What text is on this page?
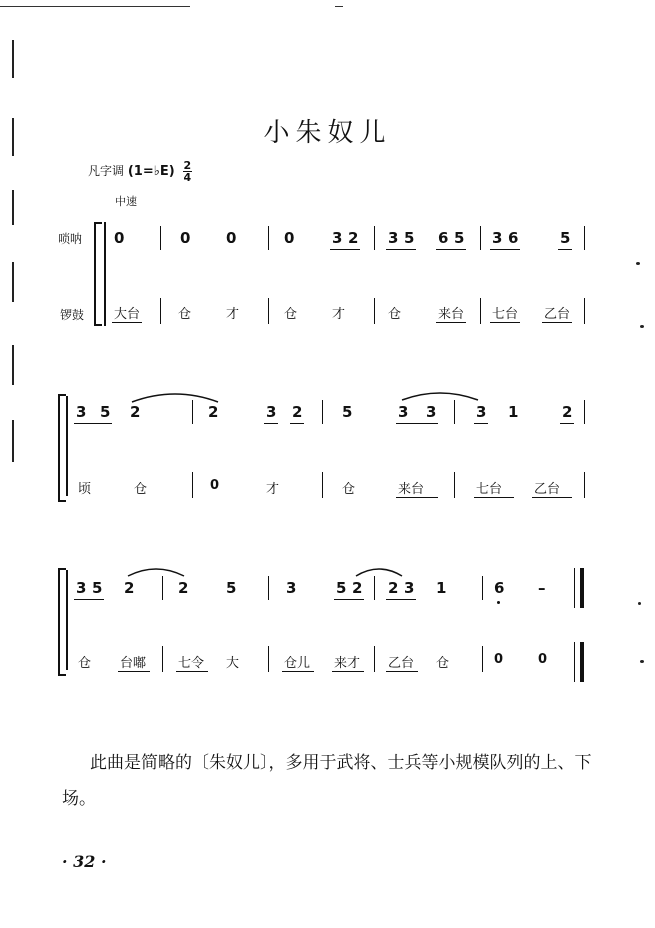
小朱奴儿
凡字调 (1=♭E) $\frac{2}{4}$
中速
唢呐
锣鼓
0	0 0	0	3 2 3 5 6 5 3 6	5
大台	仓	才	仓	才	仓	来台 七台 乙台
3 5 2	2	3 2	5	3 3	3 1	2
顷	仓	0	才	仓	来台	七台 乙台
3 5 2	2	5	3	5 2 2 3 1	6 –
仓 台嘟 七令 大	仓儿 来才 乙台 仓	0	0
此曲是简略的〔朱奴儿〕，多用于武将、士兵等小规模队列的上、下场。
· 32 ·
